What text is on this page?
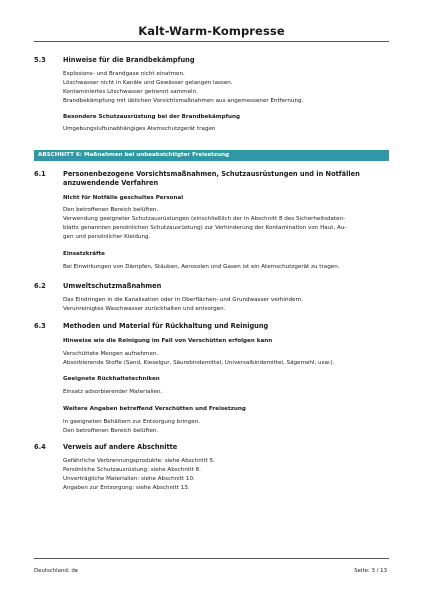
Kalt-Warm-Kompresse
5.3	Hinweise für die Brandbekämpfung
Explosions- und Brandgase nicht einatmen.
Löschwasser nicht in Kanäle und Gewässer gelangen lassen.
Kontaminiertes Löschwasser getrennt sammeln.
Brandbekämpfung mit üblichen Vorsichtsmaßnahmen aus angemessener Entfernung.
Besondere Schutzausrüstung bei der Brandbekämpfung
Umgebungsluftunabhängiges Atemschutzgerät tragen
ABSCHNITT 6: Maßnahmen bei unbeabsichtigter Freisetzung
6.1	Personenbezogene Vorsichtsmaßnahmen, Schutzausrüstungen und in Notfällen
anzuwendende Verfahren
Nicht für Notfälle geschultes Personal
Den betroffenen Bereich belüften.
Verwendung geeigneter Schutzausrüstungen (einschließlich der in Abschnitt 8 des Sicherheitsdaten-
blatts genannten persönlichen Schutzausrüstung) zur Verhinderung der Kontamination von Haut, Au-
gen und persönlicher Kleidung.
Einsatzkräfte
Bei Einwirkungen von Dämpfen, Stäuben, Aerosolen und Gasen ist ein Atemschutzgerät zu tragen.
6.2	Umweltschutzmaßnahmen
Das Eindringen in die Kanalisation oder in Oberflächen- und Grundwasser verhindern.
Verunreinigtes Waschwasser zurückhalten und entsorgen.
6.3	Methoden und Material für Rückhaltung und Reinigung
Hinweise wie die Reinigung im Fall von Verschütten erfolgen kann
Verschüttete Mengen aufnehmen.
Absorbierende Stoffe (Sand, Kieselgur, Säurebindemittel, Universalbindemittel, Sägemehl, usw.).
Geeignete Rückhaltetechniken
Einsatz adsorbierender Materialien.
Weitere Angaben betreffend Verschütten und Freisetzung
In geeigneten Behältern zur Entsorgung bringen.
Den betroffenen Bereich belüften.
6.4	Verweis auf andere Abschnitte
Gefährliche Verbrennungsprodukte: siehe Abschnitt 5.
Persönliche Schutzausrüstung: siehe Abschnitt 8.
Unverträgliche Materialien: siehe Abschnitt 10.
Angaben zur Entsorgung: siehe Abschnitt 13.
Deutschland: de	Seite: 3 / 13
